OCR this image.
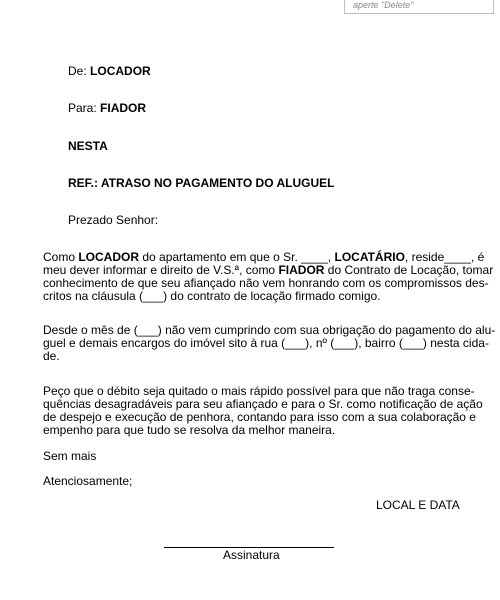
aperte "Delete"
De: LOCADOR
Para: FIADOR
NESTA
REF.: ATRASO NO PAGAMENTO DO ALUGUEL
Prezado Senhor:
Como LOCADOR do apartamento em que o Sr. ____, LOCATÁRIO, reside____, é
meu dever informar e direito de V.S.ª, como FIADOR do Contrato de Locação, tomar
conhecimento de que seu afiançado não vem honrando com os compromissos des-
critos na cláusula (___) do contrato de locação firmado comigo.
Desde o mês de (___) não vem cumprindo com sua obrigação do pagamento do alu-
guel e demais encargos do imóvel sito à rua (___), nº (___), bairro (___) nesta cida-
de.
Peço que o débito seja quitado o mais rápido possível para que não traga conse-
quências desagradáveis para seu afiançado e para o Sr. como notificação de ação
de despejo e execução de penhora, contando para isso com a sua colaboração e
empenho para que tudo se resolva da melhor maneira.
Sem mais
Atenciosamente;
LOCAL E DATA
Assinatura
